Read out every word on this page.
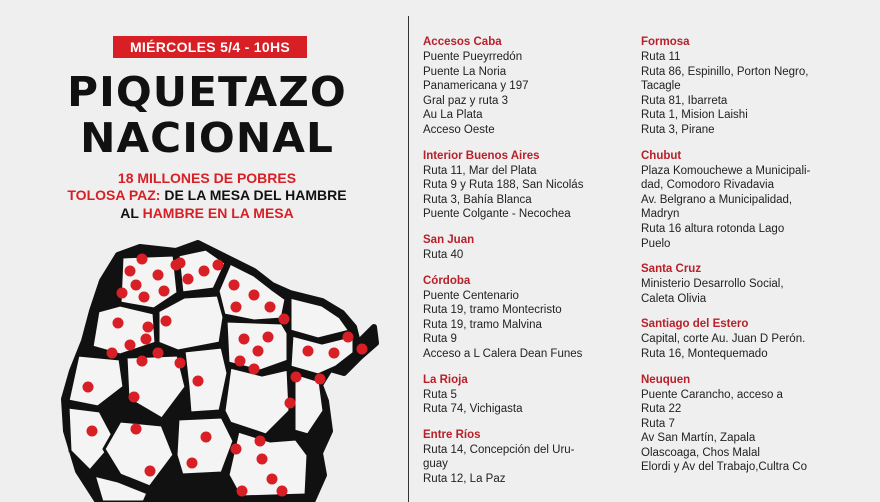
MIÉRCOLES 5/4 - 10HS
PIQUETAZO
NACIONAL
18 MILLONES DE POBRES
TOLOSA PAZ: DE LA MESA DEL HAMBRE
AL HAMBRE EN LA MESA
Accesos Caba
Puente Pueyrredón
Puente La Noria
Panamericana y 197
Gral paz y ruta 3
Au La Plata
Acceso Oeste
Interior Buenos Aires
Ruta 11, Mar del Plata
Ruta 9 y Ruta 188, San Nicolás
Ruta 3, Bahía Blanca
Puente Colgante - Necochea
San Juan
Ruta 40
Córdoba
Puente Centenario
Ruta 19, tramo Montecristo
Ruta 19, tramo Malvina
Ruta 9
Acceso a L Calera Dean Funes
La Rioja
Ruta 5
Ruta 74, Vichigasta
Entre Ríos
Ruta 14, Concepción del Uru-
guay
Ruta 12, La Paz
Formosa
Ruta 11
Ruta 86, Espinillo, Porton Negro,
Tacagle
Ruta 81, Ibarreta
Ruta 1, Mision Laishi
Ruta 3, Pirane
Chubut
Plaza Komouchewe a Municipali-
dad, Comodoro Rivadavia
Av. Belgrano a Municipalidad,
Madryn
Ruta 16 altura rotonda Lago
Puelo
Santa Cruz
Ministerio Desarrollo Social,
Caleta Olivia
Santiago del Estero
Capital, corte Au. Juan D Perón.
Ruta 16, Montequemado
Neuquen
Puente Carancho, acceso a
Ruta 22
Ruta 7
Av San Martín, Zapala
Olascoaga, Chos Malal
Elordi y Av del Trabajo,Cultra Co
